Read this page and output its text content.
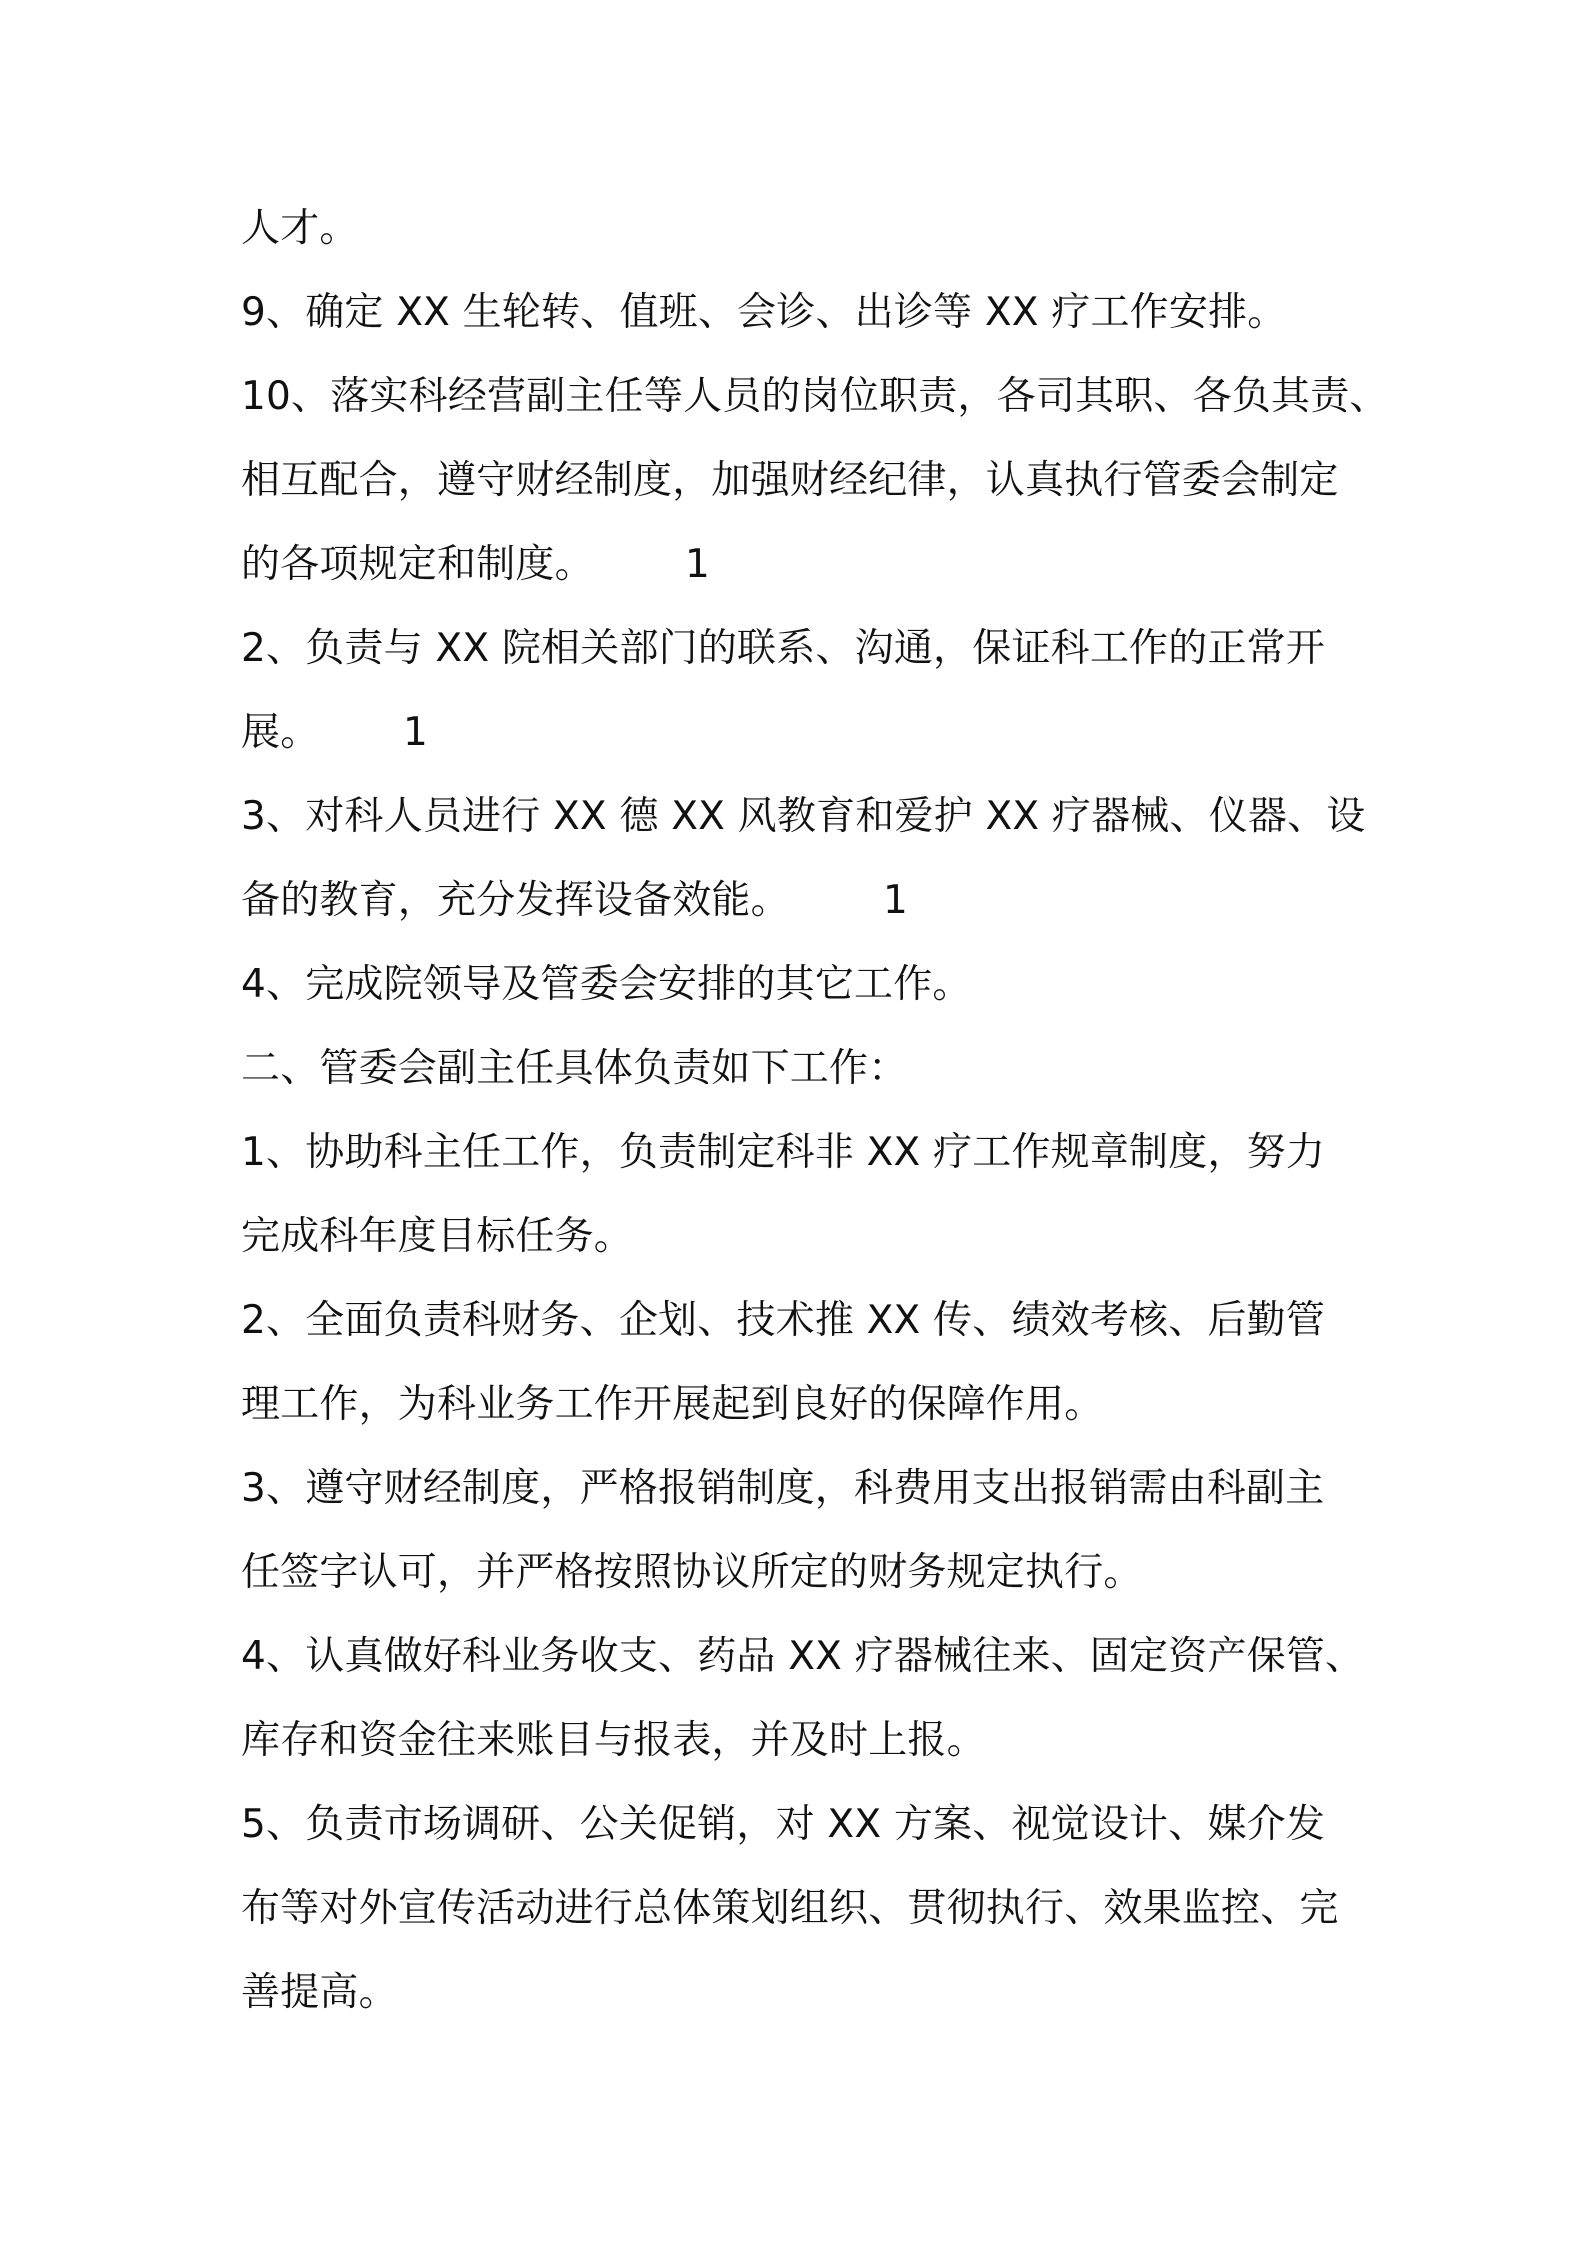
人才。
9、确定 XX 生轮转、值班、会诊、出诊等 XX 疗工作安排。
10、落实科经营副主任等人员的岗位职责，各司其职、各负其责、
相互配合，遵守财经制度，加强财经纪律，认真执行管委会制定
的各项规定和制度。	1
2、负责与 XX 院相关部门的联系、沟通，保证科工作的正常开
展。	1
3、对科人员进行 XX 德 XX 风教育和爱护 XX 疗器械、仪器、设
备的教育，充分发挥设备效能。	1
4、完成院领导及管委会安排的其它工作。
二、管委会副主任具体负责如下工作：
1、协助科主任工作，负责制定科非 XX 疗工作规章制度，努力
完成科年度目标任务。
2、全面负责科财务、企划、技术推 XX 传、绩效考核、后勤管
理工作，为科业务工作开展起到良好的保障作用。
3、遵守财经制度，严格报销制度，科费用支出报销需由科副主
任签字认可，并严格按照协议所定的财务规定执行。
4、认真做好科业务收支、药品 XX 疗器械往来、固定资产保管、
库存和资金往来账目与报表，并及时上报。
5、负责市场调研、公关促销，对 XX 方案、视觉设计、媒介发
布等对外宣传活动进行总体策划组织、贯彻执行、效果监控、完
善提高。
